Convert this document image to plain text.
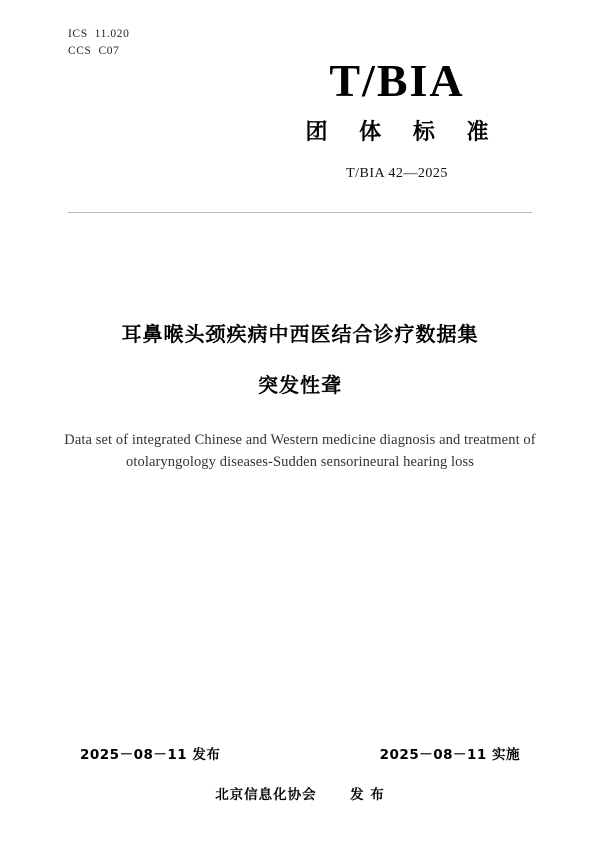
ICS  11.020
CCS  C07
T/BIA
团 体 标 准
T/BIA 42—2025
耳鼻喉头颈疾病中西医结合诊疗数据集
突发性聋
Data set of integrated Chinese and Western medicine diagnosis and treatment of
otolaryngology diseases-Sudden sensorineural hearing loss
2025－08－11 发布	2025－08－11 实施
北京信息化协会 发 布
